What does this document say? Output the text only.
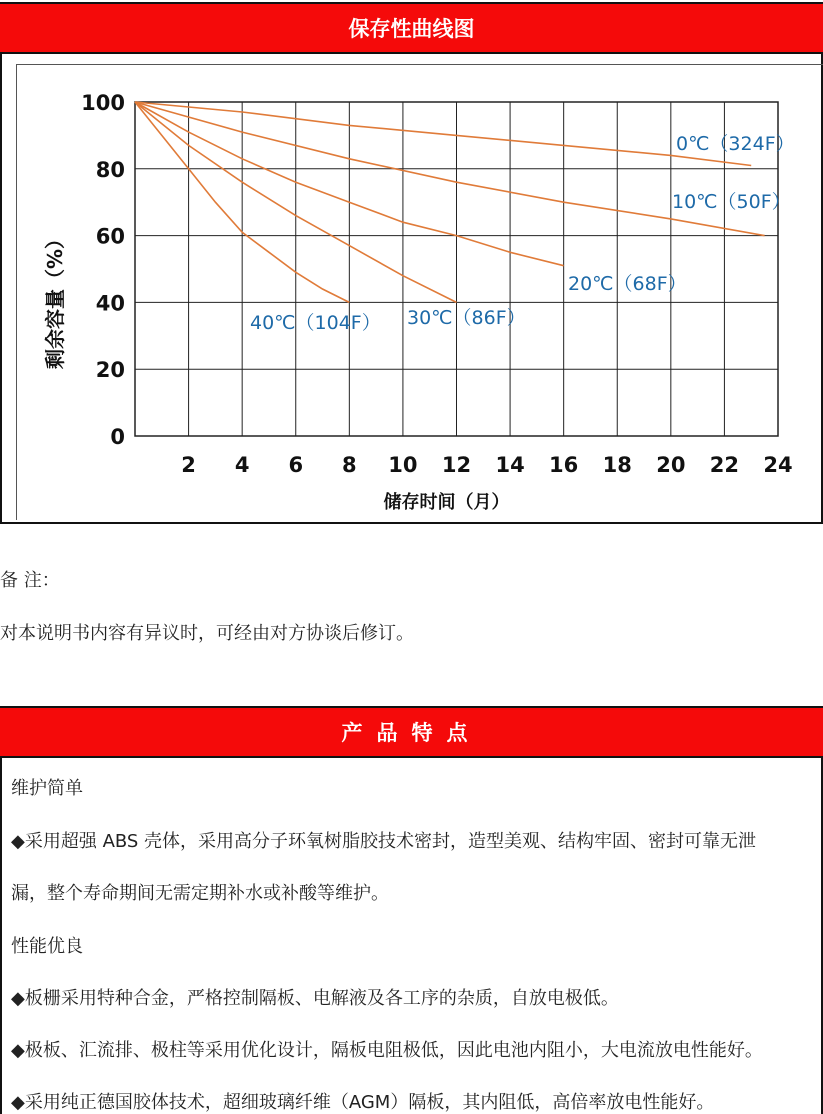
保存性曲线图
2 4 6 8 10 12 14 16 18 20 22 24
0
20
40
60
80
100
储存时间（月）
剩余容量（%）
0℃（324F）
10℃（50F）
20℃（68F）
30℃（86F）
40℃（104F）
备 注：
对本说明书内容有异议时，可经由对方协谈后修订。
产品特点
维护简单
◆采用超强 ABS 壳体，采用高分子环氧树脂胶技术密封，造型美观、结构牢固、密封可靠无泄
漏，整个寿命期间无需定期补水或补酸等维护。
性能优良
◆板栅采用特种合金，严格控制隔板、电解液及各工序的杂质，自放电极低。
◆极板、汇流排、极柱等采用优化设计，隔板电阻极低，因此电池内阻小，大电流放电性能好。
◆采用纯正德国胶体技术，超细玻璃纤维（AGM）隔板，其内阻低，高倍率放电性能好。
